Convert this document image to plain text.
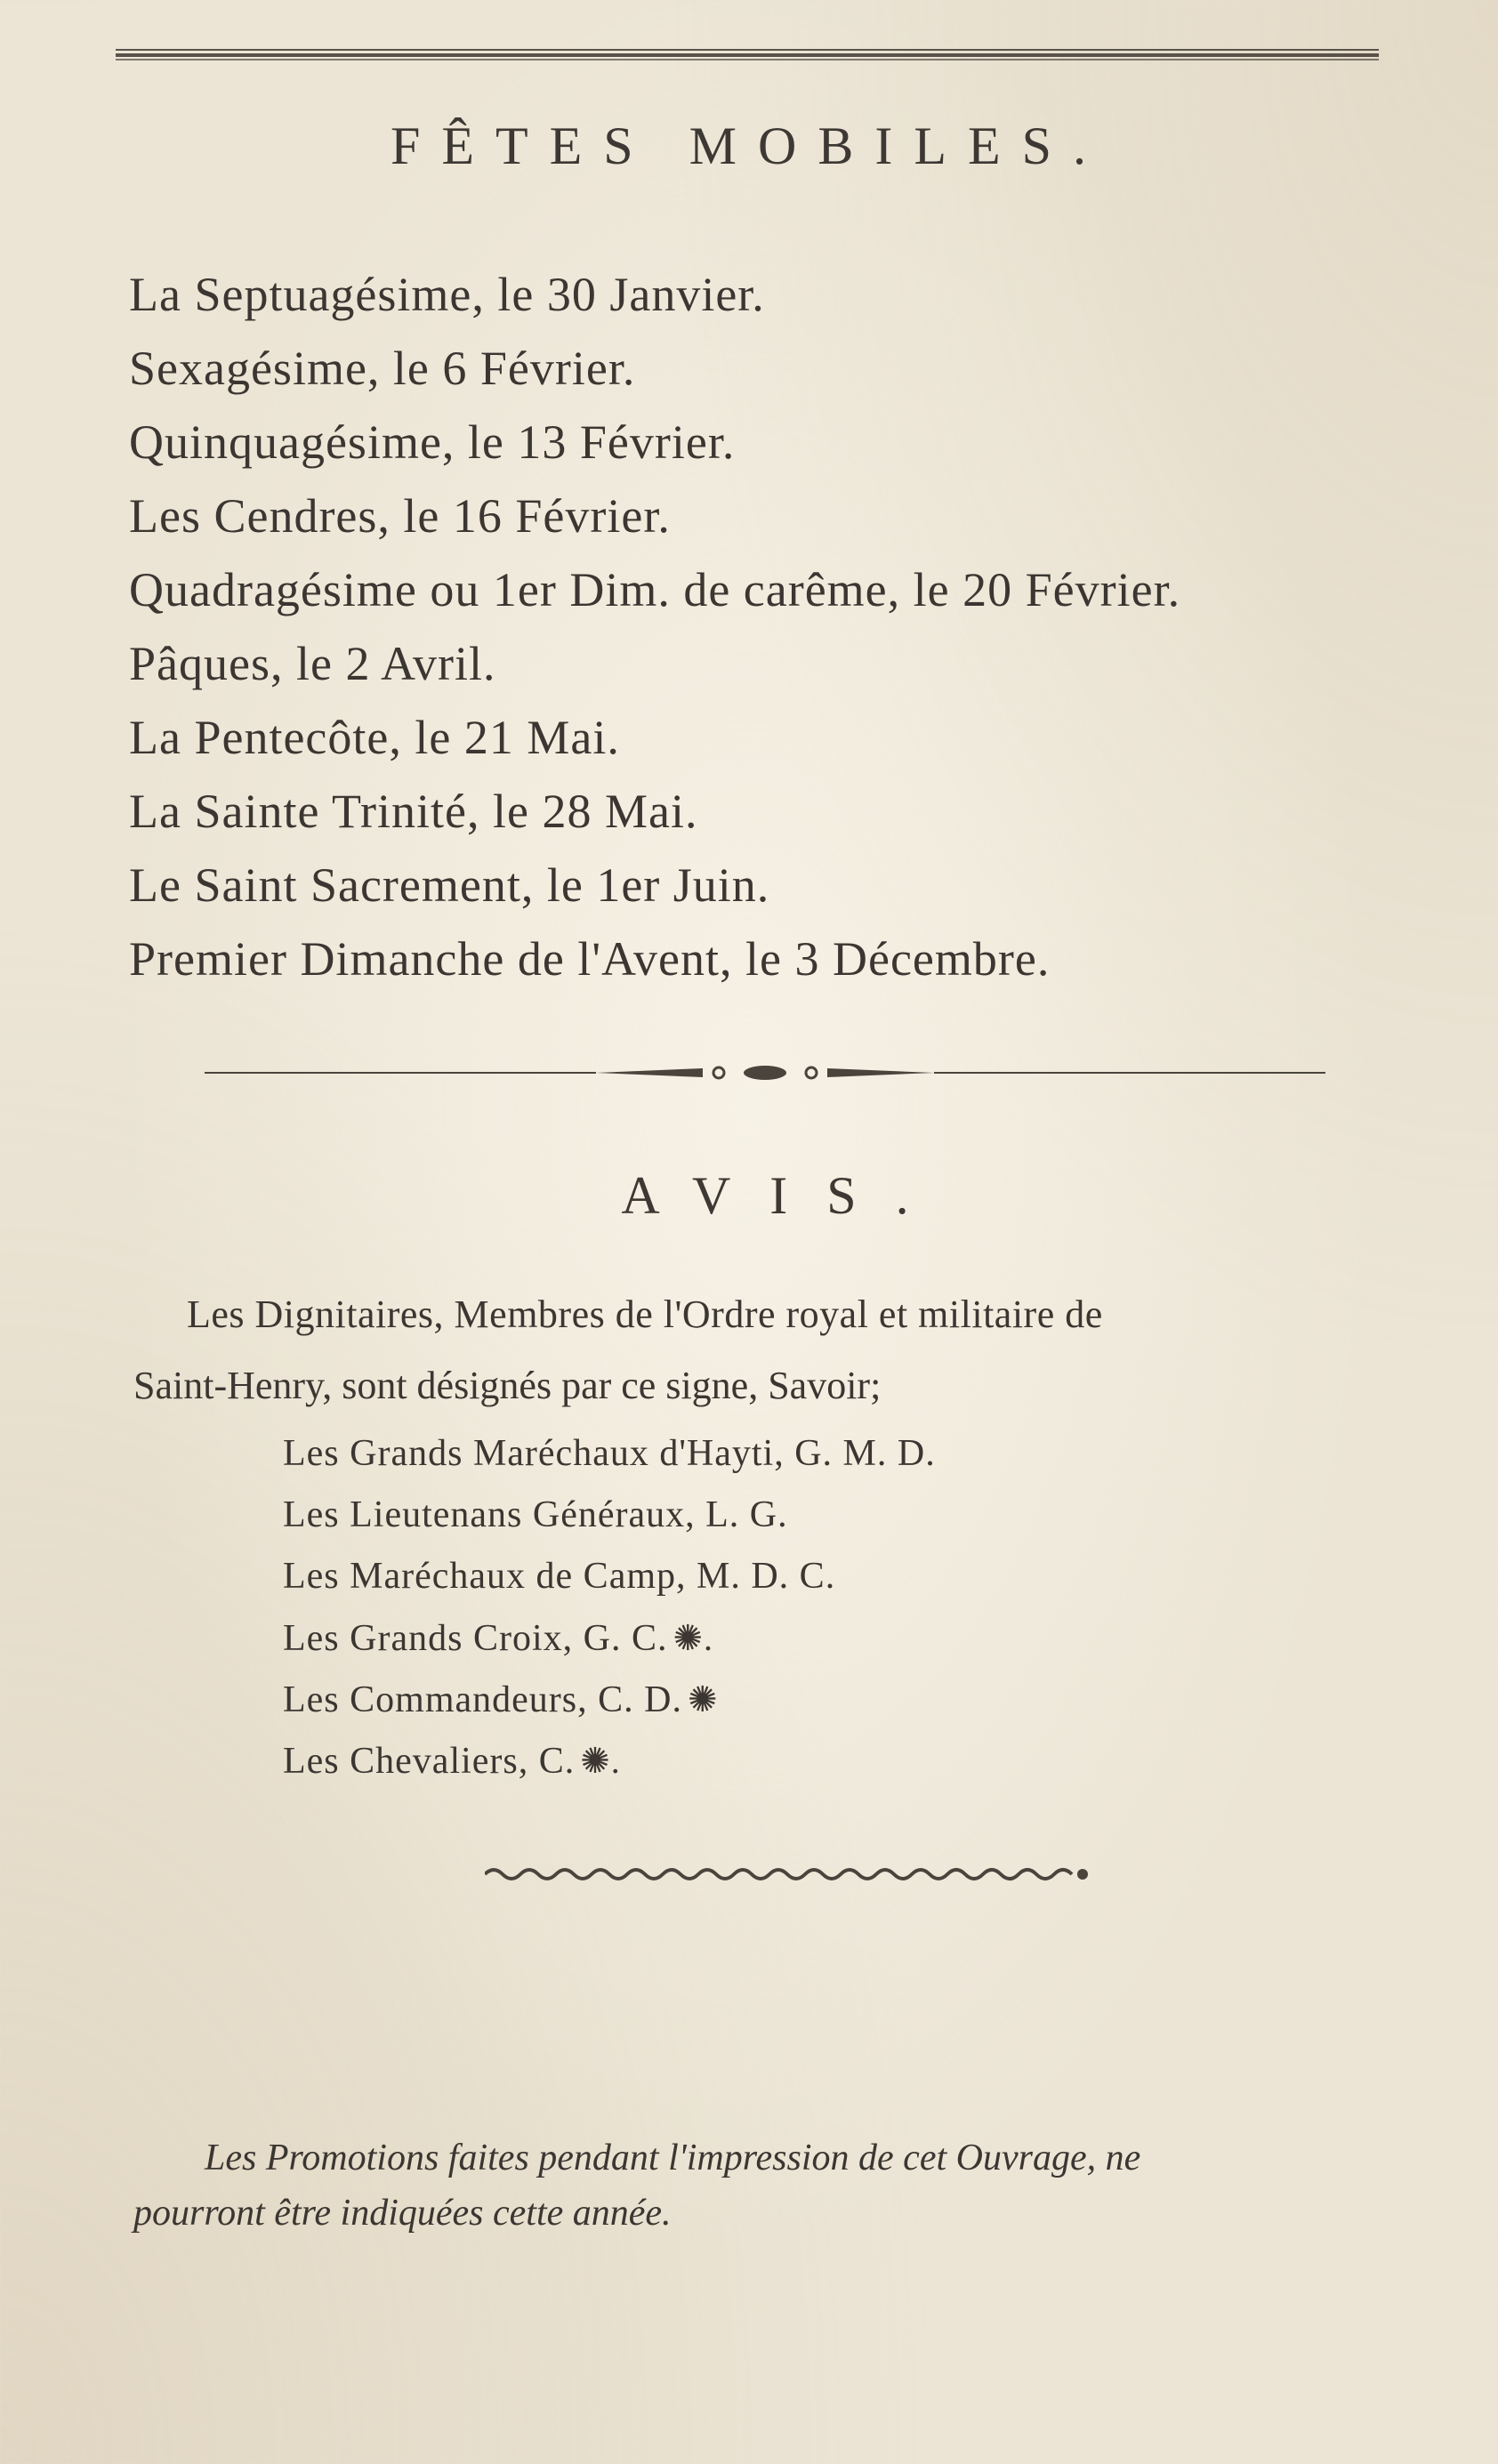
FÊTES MOBILES.
La Septuagésime, le 30 Janvier.
Sexagésime, le 6 Février.
Quinquagésime, le 13 Février.
Les Cendres, le 16 Février.
Quadragésime ou 1er Dim. de carême, le 20 Février.
Pâques, le 2 Avril.
La Pentecôte, le 21 Mai.
La Sainte Trinité, le 28 Mai.
Le Saint Sacrement, le 1er Juin.
Premier Dimanche de l'Avent, le 3 Décembre.
AVIS.

Les Dignitaires, Membres de l'Ordre royal et militaire de

Saint-Henry, sont désignés par ce signe, Savoir;

Les Grands Maréchaux d'Hayti, G. M. D.
Les Lieutenans Généraux, L. G.
Les Maréchaux de Camp, M. D. C.
Les Grands Croix, G. C. ✺.
Les Commandeurs, C. D. ✺
Les Chevaliers, C. ✺.

Les Promotions faites pendant l'impression de cet Ouvrage, ne

pourront être indiquées cette année.
